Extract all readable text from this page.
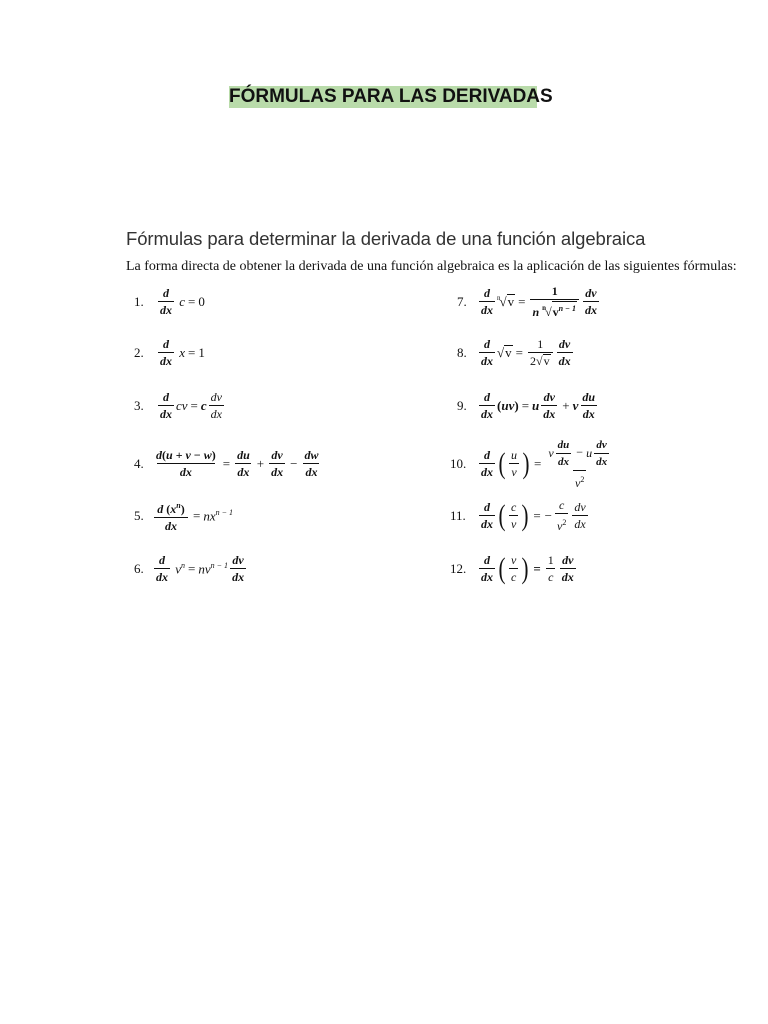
FÓRMULAS PARA LAS DERIVADAS
Fórmulas para determinar la derivada de una función algebraica
La forma directa de obtener la derivada de una función algebraica es la aplicación de las siguientes fórmulas:
1.	$\frac{d}{dx}$ c = 0
2.	$\frac{d}{dx}$ x = 1
3.	$\frac{d}{dx}$ cv = c $\frac{dv}{dx}$
4. $\frac{d(u + v - w)}{dx} = \frac{du}{dx} + \frac{dv}{dx} - \frac{dw}{dx}$
5. $\frac{d (x^n)}{dx} = nx^{n - 1}$
6. $\frac{d}{dx} v^n = nv^{n - 1} \frac{dv}{dx}$
7.	$\frac{d}{dx} ^n√v = \frac{1}{n ^n√v^{n - 1}} \frac{dv}{dx}$
8.	$\frac{d}{dx} √v = \frac{1}{2√v} \frac{dv}{dx}$
9.	$\frac{d}{dx} (uv) = u \frac{dv}{dx} + v \frac{du}{dx}$
10.	$\frac{d}{dx}$ ( $\frac{u}{v}$ ) = $\frac{v \frac{du}{dx} - u \frac{dv}{dx}}{v^2}$
11.	$\frac{d}{dx}$ ( $\frac{c}{v}$ ) = − $\frac{c}{v^2} \frac{dv}{dx}$
12.	$\frac{d}{dx}$ ( $\frac{v}{c}$ ) = $\frac{1}{c} \frac{dv}{dx}$
